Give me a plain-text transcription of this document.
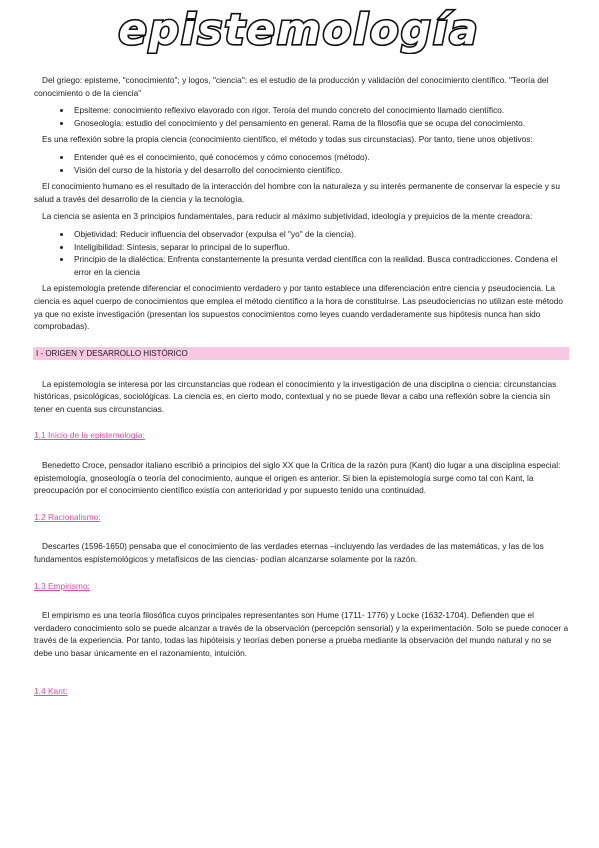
epistemología

Del griego: episteme, "conocimiento"; y logos, "ciencia": es el estudio de la producción y validación del conocimiento científico. "Teoría del conocimiento o de la ciencia"

• Epsiteme: conocimiento reflexivo elavorado con rigor. Teroía del mundo concreto del conocimiento llamado científico.
• Gnoseología: estudio del conocimiento y del pensamiento en general. Rama de la filosofía que se ocupa del conocimiento.

Es una reflexión sobre la propia ciencia (conocimiento científico, el método y todas sus circunstacias). Por tanto, tiene unos objetivos:

• Entender qué es el conocimiento, qué conocemos y cómo conocemos (método).
• Visión del curso de la historia y del desarrollo del conocimiento científico.

El conocimiento humano es el resultado de la interacción del hombre con la naturaleza y su interés permanente de conservar la especie y su salud a través del desarrollo de la ciencia y la tecnología.

La ciencia se asienta en 3 principios fundamentales, para reducir al máximo subjetividad, ideología y prejuicios de la mente creadora:

• Objetividad: Reducir influencia del observador (expulsa el "yo" de la ciencia).
• Inteligibilidad: Síntesis, separar lo principal de lo superfluo.
• Principio de la dialéctica: Enfrenta constantemente la presunta verdad científica con la realidad. Busca contradicciones. Condena el error en la ciencia

La epistemología pretende diferenciar el conocimiento verdadero y por tanto establece una diferenciación entre ciencia y pseudociencia. La ciencia es aquel cuerpo de conocimientos que emplea el método científico a la hora de constituirse. Las pseudociencias no utilizan este método ya que no existe investigación (presentan los supuestos conocimientos como leyes cuando verdaderamente sus hipótesis nunca han sido comprobadas).

I - ORIGEN Y DESARROLLO HISTÓRICO

La epistemología se interesa por las circunstancias que rodean el conocimiento y la investigación de una disciplina o ciencia: circunstancias históricas, psicológicas, sociológicas. La ciencia es, en cierto modo, contextual y no se puede llevar a cabo una reflexión sobre la ciencia sin tener en cuenta sus circunstancias.

1.1 Inicio de la epistemología:

Benedetto Croce, pensador italiano escribió a principios del siglo XX que la Crítica de la razón pura (Kant) dio lugar a una disciplina especial: epistemología, gnoseología o teoría del conocimiento, aunque el origen es anterior. Si bien la epistemología surge como tal con Kant, la preocupación por el conocimiento científico existía con anterioridad y por supuesto tenido una continuidad.

1.2 Racionalismo:

Descartes (1596-1650) pensaba que el conocimiento de las verdades eternas –incluyendo las verdades de las matemáticas, y las de los fundamentos espistemológicos y metafísicos de las ciencias- podían alcanzarse solamente por la razón.

1.3 Empirismo:

El empirismo es una teoría filosófica cuyos principales representantes son Hume (1711- 1776) y Locke (1632-1704). Defienden que el verdadero conocimiento solo se puede alcanzar a través de la observación (percepción sensorial) y la experimentación. Solo se puede conocer a través de la experiencia. Por tanto, todas las hipóteisis y teorías deben ponerse a prueba mediante la observación del mundo natural y no se debe uno basar únicamente en el razonamiento, intuición.

1.4 Kant:
